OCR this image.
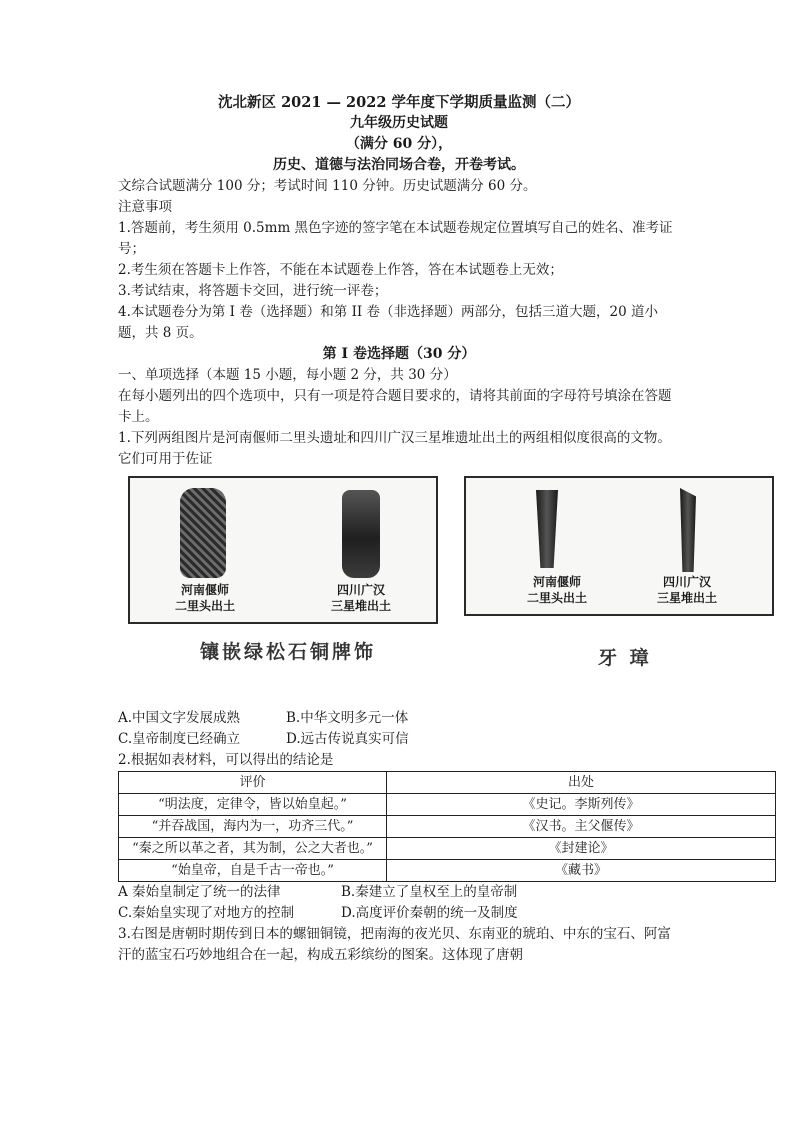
沈北新区 2021 — 2022 学年度下学期质量监测（二）

九年级历史试题

（满分 60 分），

历史、道德与法治同场合卷，开卷考试。

文综合试题满分 100 分；考试时间 110 分钟。历史试题满分 60 分。

注意事项

1.答题前，考生须用 0.5mm 黑色字迹的签字笔在本试题卷规定位置填写自己的姓名、准考证号；

2.考生须在答题卡上作答，不能在本试题卷上作答，答在本试题卷上无效；

3.考试结束，将答题卡交回，进行统一评卷；

4.本试题卷分为第 I 卷（选择题）和第 II 卷（非选择题）两部分，包括三道大题，20 道小题，共 8 页。

第 I 卷选择题（30 分）

一、单项选择（本题 15 小题，每小题 2 分，共 30 分）

在每小题列出的四个选项中，只有一项是符合题目要求的，请将其前面的字母符号填涂在答题卡上。

1.下列两组图片是河南偃师二里头遗址和四川广汉三星堆遗址出土的两组相似度很高的文物。它们可用于佐证

河南偃师
二里头出土
四川广汉
三星堆出土
镶嵌绿松石铜牌饰
河南偃师
二里头出土
四川广汉
三星堆出土
牙 璋

A.中国文字发展成熟	B.中华文明多元一体

C.皇帝制度已经确立	D.远古传说真实可信

2.根据如表材料，可以得出的结论是

评价	出处
“明法度，定律令，皆以始皇起。”	《史记。李斯列传》
“并吞战国，海内为一，功齐三代。”	《汉书。主父偃传》
“秦之所以革之者，其为制，公之大者也。”	《封建论》
“始皇帝，自是千古一帝也。”	《藏书》

A 秦始皇制定了统一的法律	B.秦建立了皇权至上的皇帝制

C.秦始皇实现了对地方的控制	D.高度评价秦朝的统一及制度

3.右图是唐朝时期传到日本的螺钿铜镜，把南海的夜光贝、东南亚的琥珀、中东的宝石、阿富汗的蓝宝石巧妙地组合在一起，构成五彩缤纷的图案。这体现了唐朝
